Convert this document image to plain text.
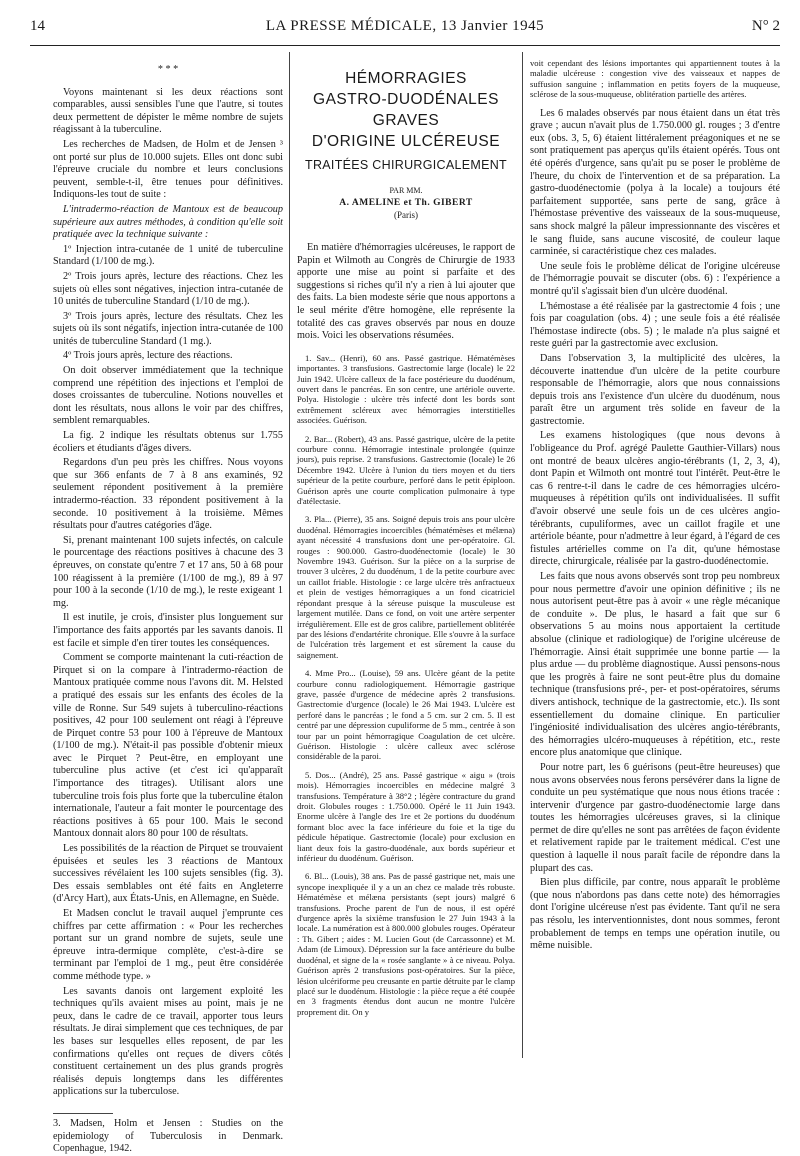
14	LA PRESSE MÉDICALE, 13 Janvier 1945	N° 2

* * *

Voyons maintenant si les deux réactions sont comparables, aussi sensibles l'une que l'autre, si toutes deux permettent de dépister le même nombre de sujets réagissant à la tuberculine.

Les recherches de Madsen, de Holm et de Jensen ³ ont porté sur plus de 10.000 sujets. Elles ont donc subi l'épreuve cruciale du nombre et leurs conclusions peuvent, semble-t-il, être tenues pour définitives. Indiquons-les tout de suite :

L'intradermo-réaction de Mantoux est de beaucoup supérieure aux autres méthodes, à condition qu'elle soit pratiquée avec la technique suivante :

1º Injection intra-cutanée de 1 unité de tuberculine Standard (1/100 de mg.).

2º Trois jours après, lecture des réactions. Chez les sujets où elles sont négatives, injection intra-cutanée de 10 unités de tuberculine Standard (1/10 de mg.).

3º Trois jours après, lecture des résultats. Chez les sujets où ils sont négatifs, injection intra-cutanée de 100 unités de tuberculine Standard (1 mg.).

4º Trois jours après, lecture des réactions.

On doit observer immédiatement que la technique comprend une répétition des injections et l'emploi de doses croissantes de tuberculine. Notions nouvelles et dont les résultats, nous allons le voir par des chiffres, semblent remarquables.

La fig. 2 indique les résultats obtenus sur 1.755 écoliers et étudiants d'âges divers.

Regardons d'un peu près les chiffres. Nous voyons que sur 366 enfants de 7 à 8 ans examinés, 92 seulement répondent positivement à la première intradermo-réaction. 33 répondent positivement à la seconde. 10 positivement à la troisième. Mêmes résultats pour d'autres catégories d'âge.

Si, prenant maintenant 100 sujets infectés, on calcule le pourcentage des réactions positives à chacune des 3 épreuves, on constate qu'entre 7 et 17 ans, 50 à 68 pour 100 réagissent à la première (1/100 de mg.), 89 à 97 pour 100 à la seconde (1/10 de mg.), le reste exigeant 1 mg.

Il est inutile, je crois, d'insister plus longuement sur l'importance des faits apportés par les savants danois. Il est facile et simple d'en tirer toutes les conséquences.

Comment se comporte maintenant la cuti-réaction de Pirquet si on la compare à l'intradermo-réaction de Mantoux pratiquée comme nous l'avons dit. M. Helsted a pratiqué des essais sur les enfants des écoles de la ville de Ronne. Sur 549 sujets à tuberculino-réactions positives, 42 pour 100 seulement ont réagi à l'épreuve de Pirquet contre 53 pour 100 à l'épreuve de Mantoux (1/100 de mg.). N'était-il pas possible d'obtenir mieux avec le Pirquet ? Peut-être, en employant une tuberculine plus active (et c'est ici qu'apparaît l'importance des titrages). Utilisant alors une tuberculine trois fois plus forte que la tuberculine étalon internationale, l'auteur a fait monter le pourcentage des réactions positives à 65 pour 100. Mais le second Mantoux donnait alors 80 pour 100 de résultats.

Les possibilités de la réaction de Pirquet se trouvaient épuisées et seules les 3 réactions de Mantoux successives révélaient les 100 sujets sensibles (fig. 3). Des essais semblables ont été faits en Angleterre (d'Arcy Hart), aux États-Unis, en Allemagne, en Suède.

Et Madsen conclut le travail auquel j'emprunte ces chiffres par cette affirmation : « Pour les recherches portant sur un grand nombre de sujets, seule une épreuve intra-dermique complète, c'est-à-dire se terminant par l'emploi de 1 mg., peut être considérée comme méthode type. »

Les savants danois ont largement exploité les techniques qu'ils avaient mises au point, mais je ne peux, dans le cadre de ce travail, apporter tous leurs résultats. Je dirai simplement que ces techniques, de par les bases sur lesquelles elles reposent, de par les confirmations qu'elles ont reçues de divers côtés constituent certainement un des plus grands progrès réalisés depuis longtemps dans les différentes applications sur la tuberculose.

3. Madsen, Holm et Jensen : Studies on the epidemiology of Tuberculosis in Denmark. Copenhague, 1942.

HÉMORRAGIES
GASTRO-DUODÉNALES
GRAVES
D'ORIGINE ULCÉREUSE
TRAITÉES CHIRURGICALEMENT
PAR MM.
A. AMELINE et Th. GIBERT
(Paris)

En matière d'hémorragies ulcéreuses, le rapport de Papin et Wilmoth au Congrès de Chirurgie de 1933 apporte une mise au point si parfaite et des suggestions si riches qu'il n'y a rien à lui ajouter que des faits. La bien modeste série que nous apportons a le seul mérite d'être homogène, elle représente la totalité des cas graves observés par nous en douze mois. Voici les observations résumées.

1. Sav... (Henri), 60 ans. Passé gastrique. Hématémèses importantes. 3 transfusions. Gastrectomie large (locale) le 22 Juin 1942. Ulcère calleux de la face postérieure du duodénum, ouvert dans le pancréas. En son centre, une artériole ouverte. Polya. Histologie : ulcère très infecté dont les bords sont extrêmement scléreux avec hémorragies interstitielles associées. Guérison.

2. Bar... (Robert), 43 ans. Passé gastrique, ulcère de la petite courbure connu. Hémorragie intestinale prolongée (quinze jours), puis reprise. 2 transfusions. Gastrectomie (locale) le 26 Décembre 1942. Ulcère à l'union du tiers moyen et du tiers supérieur de la petite courbure, perforé dans le petit épiploon. Guérison après une courte complication pulmonaire à type d'atélectasie.

3. Pla... (Pierre), 35 ans. Soigné depuis trois ans pour ulcère duodénal. Hémorragies incoercibles (hématémèses et mélæna) ayant nécessité 4 transfusions dont une per-opératoire. Gl. rouges : 900.000. Gastro-duodénectomie (locale) le 30 Novembre 1943. Guérison. Sur la pièce on a la surprise de trouver 3 ulcères, 2 du duodénum, 1 de la petite courbure avec un caillot friable. Histologie : ce large ulcère très anfractueux et plein de vestiges hémorragiques a un fond cicatriciel répondant presque à la séreuse puisque la musculeuse est largement mutilée. Dans ce fond, on voit une artère serpenter irrégulièrement. Elle est de gros calibre, partiellement oblitérée par des lésions d'endartérite chronique. Elle s'ouvre à la surface de l'ulcération très largement et est sûrement la cause du saignement.

4. Mme Pro... (Louise), 59 ans. Ulcère géant de la petite courbure connu radiologiquement. Hémorragie gastrique grave, passée d'urgence de médecine après 2 transfusions. Gastrectomie d'urgence (locale) le 26 Mai 1943. L'ulcère est perforé dans le pancréas ; le fond a 5 cm. sur 2 cm. 5. Il est centré par une dépression cupuliforme de 5 mm., centrée à son tour par un point hémorragique Coagulation de cet ulcère. Guérison. Histologie : ulcère calleux avec sclérose considérable de la paroi.

5. Dos... (André), 25 ans. Passé gastrique « aigu » (trois mois). Hémorragies incoercibles en médecine malgré 3 transfusions. Température à 38°2 ; légère contracture du grand droit. Globules rouges : 1.750.000. Opéré le 11 Juin 1943. Enorme ulcère à l'angle des 1re et 2e portions du duodénum formant bloc avec la face inférieure du foie et la tige du pédicule hépatique. Gastrectomie (locale) pour exclusion en liant deux fois la gastro-duodénale, aux bords supérieur et inférieur du duodénum. Guérison.

6. Bl... (Louis), 38 ans. Pas de passé gastrique net, mais une syncope inexpliquée il y a un an chez ce malade très robuste. Hématémèse et mélæna persistants (sept jours) malgré 6 transfusions. Proche parent de l'un de nous, il est opéré d'urgence après la sixième transfusion le 27 Juin 1943 à la locale. La numération est à 800.000 globules rouges. Opérateur : Th. Gibert ; aides : M. Lucien Gout (de Carcassonne) et M. Adam (de Limoux). Dépression sur la face antérieure du bulbe duodénal, et signe de la « rosée sanglante » à ce niveau. Polya. Guérison après 2 transfusions post-opératoires. Sur la pièce, lésion ulcériforme peu creusante en partie détruite par le clamp placé sur le duodénum. Histologie : la pièce reçue a été coupée en 3 fragments étendus dont aucun ne montre l'ulcère proprement dit. On y

voit cependant des lésions importantes qui appartiennent toutes à la maladie ulcéreuse : congestion vive des vaisseaux et nappes de suffusion sanguine ; inflammation en petits foyers de la muqueuse, sclérose de la sous-muqueuse, oblitération partielle des artères.

Les 6 malades observés par nous étaient dans un état très grave ; aucun n'avait plus de 1.750.000 gl. rouges ; 3 d'entre eux (obs. 3, 5, 6) étaient littéralement préagoniques et ne se sont pratiquement pas aperçus qu'ils étaient opérés. Tous ont été opérés d'urgence, sans qu'ait pu se poser le problème de l'heure, du choix de l'intervention et de sa préparation. La gastro-duodénectomie (polya à la locale) a toujours été parfaitement supportée, sans perte de sang, grâce à l'hémostase préventive des vaisseaux de la sous-muqueuse, sans shock malgré la pâleur impressionnante des viscères et le sang fluide, sans aucune viscosité, de couleur laque carminée, si caractéristique chez ces malades.

Une seule fois le problème délicat de l'origine ulcéreuse de l'hémorragie pouvait se discuter (obs. 6) : l'expérience a montré qu'il s'agissait bien d'un ulcère duodénal.

L'hémostase a été réalisée par la gastrectomie 4 fois ; une fois par coagulation (obs. 4) ; une seule fois a été réalisée l'hémostase indirecte (obs. 5) ; le malade n'a plus saigné et reste guéri par la gastrectomie avec exclusion.

Dans l'observation 3, la multiplicité des ulcères, la découverte inattendue d'un ulcère de la petite courbure responsable de l'hémorragie, alors que nous connaissions depuis trois ans l'existence d'un ulcère du duodénum, nous paraît être un argument très solide en faveur de la gastrectomie.

Les examens histologiques (que nous devons à l'obligeance du Prof. agrégé Paulette Gauthier-Villars) nous ont montré de beaux ulcères angio-térébrants (1, 2, 3, 4), dont Papin et Wilmoth ont montré tout l'intérêt. Peut-être le cas 6 rentre-t-il dans le cadre de ces hémorragies ulcéro-muqueuses à répétition qu'ils ont individualisées. Il suffit d'avoir observé une seule fois un de ces ulcères angio-térébrants, cupuliformes, avec un caillot fragile et une artériole béante, pour n'admettre à leur égard, à l'égard de ces fistules artérielles comme on l'a dit, qu'une hémostase directe, chirurgicale, réalisée par la gastro-duodénectomie.

Les faits que nous avons observés sont trop peu nombreux pour nous permettre d'avoir une opinion définitive ; ils ne nous autorisent peut-être pas à avoir « une règle mécanique de conduite ». De plus, le hasard a fait que sur 6 observations 5 au moins nous apportaient la certitude absolue (clinique et radiologique) de l'origine ulcéreuse de l'hémorragie. Ainsi était supprimée une bonne partie — la plus ardue — du problème diagnostique. Aussi pensons-nous que les progrès à faire ne sont peut-être plus du domaine technique (transfusions pré-, per- et post-opératoires, sérums divers antishock, technique de la gastrectomie, etc.). Ils sont essentiellement du domaine clinique. En particulier l'ingéniosité individualisation des ulcères angio-térébrants, des hémorragies ulcéro-muqueuses à répétition, etc., reste encore plus anatomique que clinique.

Pour notre part, les 6 guérisons (peut-être heureuses) que nous avons observées nous ferons persévérer dans la ligne de conduite un peu systématique que nous nous étions tracée : intervenir d'urgence par gastro-duodénectomie large dans toutes les hémorragies ulcéreuses graves, si la clinique permet de dire qu'elles ne sont pas arrêtées de façon évidente et relativement rapide par le traitement médical. C'est une question à laquelle il nous paraît facile de répondre dans la plupart des cas.

Bien plus difficile, par contre, nous apparaît le problème (que nous n'abordons pas dans cette note) des hémorragies dont l'origine ulcéreuse n'est pas évidente. Tant qu'il ne sera pas résolu, les interventionnistes, dont nous sommes, feront probablement de temps en temps une opération inutile, ou même nuisible.
